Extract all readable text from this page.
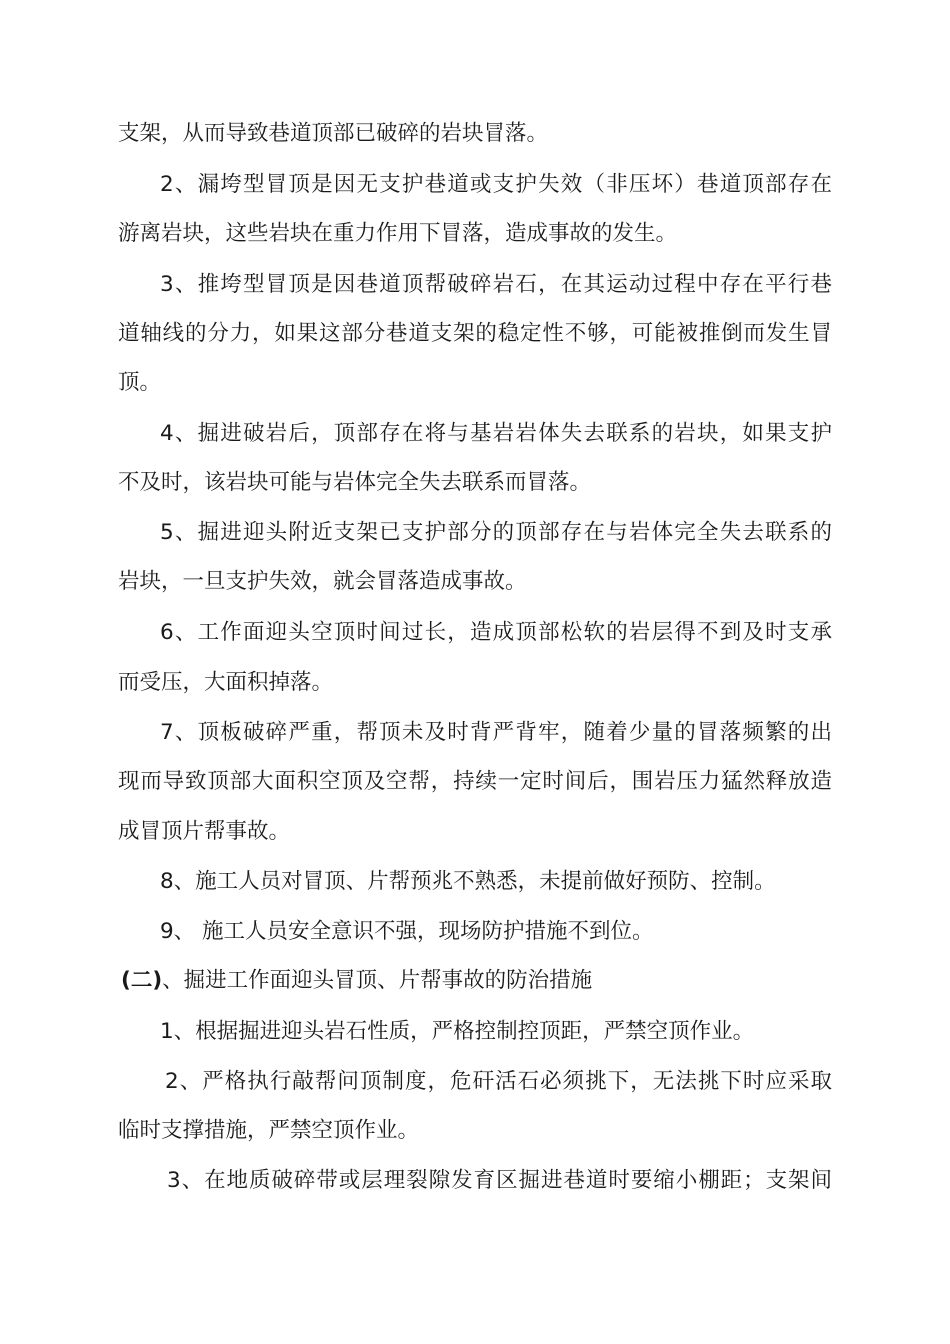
支架，从而导致巷道顶部已破碎的岩块冒落。
2、漏垮型冒顶是因无支护巷道或支护失效（非压坏）巷道顶部存在
游离岩块，这些岩块在重力作用下冒落，造成事故的发生。
3、推垮型冒顶是因巷道顶帮破碎岩石，在其运动过程中存在平行巷
道轴线的分力，如果这部分巷道支架的稳定性不够，可能被推倒而发生冒
顶。
4、掘进破岩后，顶部存在将与基岩岩体失去联系的岩块，如果支护
不及时，该岩块可能与岩体完全失去联系而冒落。
5、掘进迎头附近支架已支护部分的顶部存在与岩体完全失去联系的
岩块，一旦支护失效，就会冒落造成事故。
6、工作面迎头空顶时间过长，造成顶部松软的岩层得不到及时支承
而受压，大面积掉落。
7、顶板破碎严重，帮顶未及时背严背牢，随着少量的冒落频繁的出
现而导致顶部大面积空顶及空帮，持续一定时间后，围岩压力猛然释放造
成冒顶片帮事故。
8、施工人员对冒顶、片帮预兆不熟悉，未提前做好预防、控制。
9、 施工人员安全意识不强，现场防护措施不到位。
(二)、掘进工作面迎头冒顶、片帮事故的防治措施
1、根据掘进迎头岩石性质，严格控制控顶距，严禁空顶作业。
2、严格执行敲帮问顶制度，危矸活石必须挑下，无法挑下时应采取
临时支撑措施，严禁空顶作业。
3、在地质破碎带或层理裂隙发育区掘进巷道时要缩小棚距；支架间
